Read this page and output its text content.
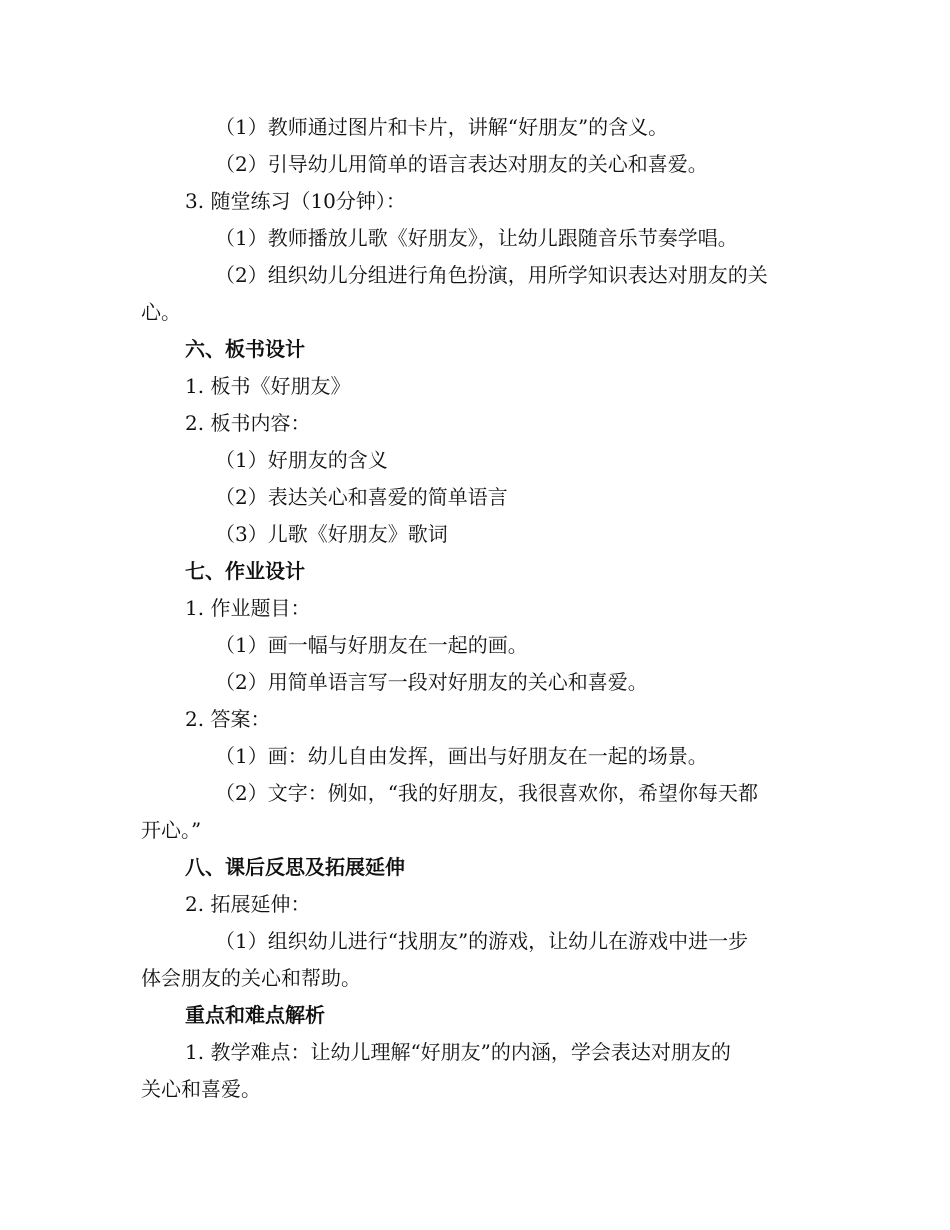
（1）教师通过图片和卡片，讲解“好朋友”的含义。
（2）引导幼儿用简单的语言表达对朋友的关心和喜爱。
3. 随堂练习（10分钟）：
（1）教师播放儿歌《好朋友》，让幼儿跟随音乐节奏学唱。
（2）组织幼儿分组进行角色扮演，用所学知识表达对朋友的关
心。
六、板书设计
1. 板书《好朋友》
2. 板书内容：
（1）好朋友的含义
（2）表达关心和喜爱的简单语言
（3）儿歌《好朋友》歌词
七、作业设计
1. 作业题目：
（1）画一幅与好朋友在一起的画。
（2）用简单语言写一段对好朋友的关心和喜爱。
2. 答案：
（1）画：幼儿自由发挥，画出与好朋友在一起的场景。
（2）文字：例如，“我的好朋友，我很喜欢你，希望你每天都
开心。”
八、课后反思及拓展延伸
2. 拓展延伸：
（1）组织幼儿进行“找朋友”的游戏，让幼儿在游戏中进一步
体会朋友的关心和帮助。
重点和难点解析
1. 教学难点：让幼儿理解“好朋友”的内涵，学会表达对朋友的
关心和喜爱。
